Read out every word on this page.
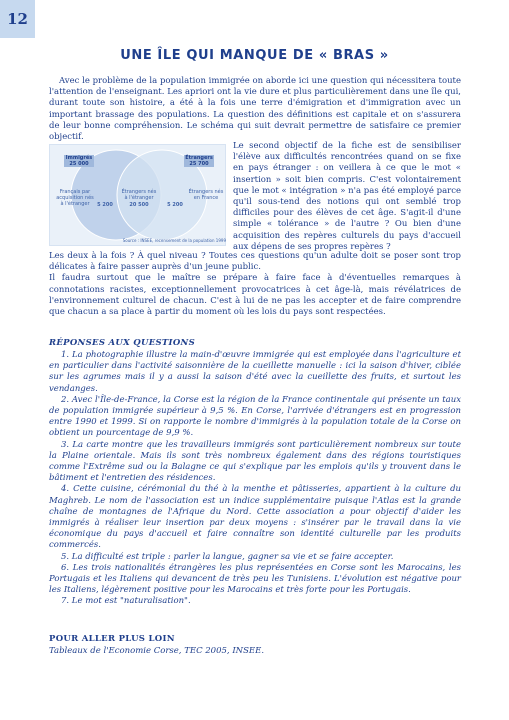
12
UNE ÎLE QUI MANQUE DE « BRAS »

Avec le problème de la population immigrée on aborde ici une question qui nécessitera toute l'attention de l'enseignant. Les apriori ont la vie dure et plus particulièrement dans une île qui, durant toute son histoire, a été à la fois une terre d'émigration et d'immigration avec un important brassage des populations. La question des définitions est capitale et on s'assurera de leur bonne compréhension. Le schéma qui suit devrait permettre de satisfaire ce premier objectif.

Immigrés
25 000
Étrangers
25 700
Français par acquisition nés à l'étranger
Étrangers nés à l'étranger
20 500
Étrangers nés en France
5 200	5 200
Source : INSEE, recensement de la population 1999

Le second objectif de la fiche est de sensibiliser l'élève aux difficultés rencontrées quand on se fixe en pays étranger : on veillera à ce que le mot « insertion » soit bien compris. C'est volontairement que le mot « intégration » n'a pas été employé parce qu'il sous-tend des notions qui ont semblé trop difficiles pour des élèves de cet âge. S'agit-il d'une simple « tolérance » de l'autre ? Ou bien d'une acquisition des repères culturels du pays d'accueil aux dépens de ses propres repères ?

Les deux à la fois ? À quel niveau ? Toutes ces questions qu'un adulte doit se poser sont trop délicates à faire passer auprès d'un jeune public.

Il faudra surtout que le maître se prépare à faire face à d'éventuelles remarques à connotations racistes, exceptionnellement provocatrices à cet âge-là, mais révélatrices de l'environnement culturel de chacun. C'est à lui de ne pas les accepter et de faire comprendre que chacun a sa place à partir du moment où les lois du pays sont respectées.

RÉPONSES AUX QUESTIONS

1. La photographie illustre la main-d'œuvre immigrée qui est employée dans l'agriculture et en particulier dans l'activité saisonnière de la cueillette manuelle : ici la saison d'hiver, ciblée sur les agrumes mais il y a aussi la saison d'été avec la cueillette des fruits, et surtout les vendanges.

2. Avec l'Île-de-France, la Corse est la région de la France continentale qui présente un taux de population immigrée supérieur à 9,5 %. En Corse, l'arrivée d'étrangers est en progression entre 1990 et 1999. Si on rapporte le nombre d'immigrés à la population totale de la Corse on obtient un pourcentage de 9,9 %.

3. La carte montre que les travailleurs immigrés sont particulièrement nombreux sur toute la Plaine orientale. Mais ils sont très nombreux également dans des régions touristiques comme l'Extrême sud ou la Balagne ce qui s'explique par les emplois qu'ils y trouvent dans le bâtiment et l'entretien des résidences.

4. Cette cuisine, cérémonial du thé à la menthe et pâtisseries, appartient à la culture du Maghreb. Le nom de l'association est un indice supplémentaire puisque l'Atlas est la grande chaîne de montagnes de l'Afrique du Nord. Cette association a pour objectif d'aider les immigrés à réaliser leur insertion par deux moyens : s'insérer par le travail dans la vie économique du pays d'accueil et faire connaître son identité culturelle par les produits commercés.

5. La difficulté est triple : parler la langue, gagner sa vie et se faire accepter.

6. Les trois nationalités étrangères les plus représentées en Corse sont les Marocains, les Portugais et les Italiens qui devancent de très peu les Tunisiens. L'évolution est négative pour les Italiens, légèrement positive pour les Marocains et très forte pour les Portugais.

7. Le mot est "naturalisation".

POUR ALLER PLUS LOIN
Tableaux de l'Economie Corse, TEC 2005, INSEE.
